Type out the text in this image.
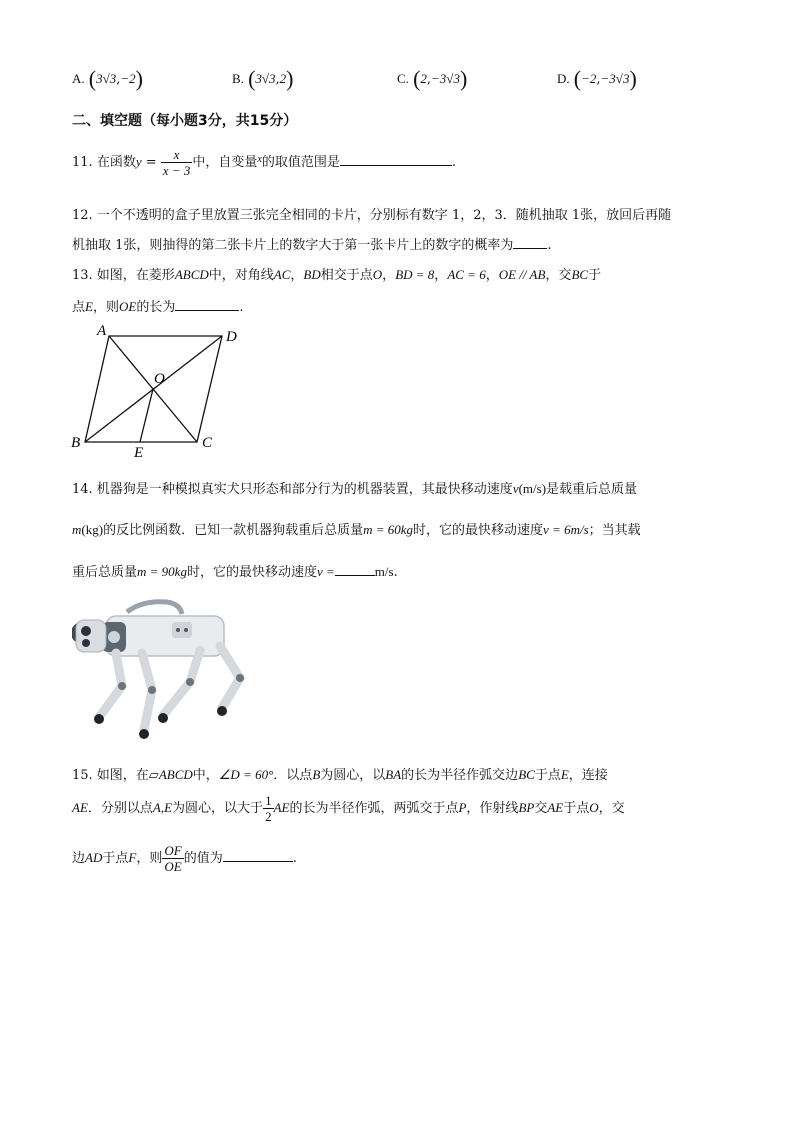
A. (3√3,−2)	B. (3√3,2)	C. (2,−3√3)	D. (−2,−3√3)
二、填空题（每小题3分，共15分）
11. 在函数$y = \frac{x}{x - 3}$ 中，自变量$^x$的取值范围是	.
12. 一个不透明的盒子里放置三张完全相同的卡片，分别标有数字 1，2，3．随机抽取 1张，放回后再随
机抽取 1张，则抽得的第二张卡片上的数字大于第一张卡片上的数字的概率为	.
13. 如图，在菱形ABCD中，对角线AC，BD相交于点O，BD = 8，AC = 6，OE // AB，交BC于
点E，则OE的长为	.
A	D
O
B	C
E
14. 机器狗是一种模拟真实犬只形态和部分行为的机器装置，其最快移动速度v(m/s)是载重后总质量
m(kg)的反比例函数．已知一款机器狗载重后总质量m = 60kg时，它的最快移动速度v = 6m/s；当其载
重后总质量m = 90kg时，它的最快移动速度v =	m/s.
15. 如图，在▱ABCD中，∠D = 60°．以点B为圆心，以BA的长为半径作弧交边BC于点E，连接
AE．分别以点A,E为圆心，以大于 $\frac{1}{2}$ AE的长为半径作弧，两弧交于点P，作射线BP交AE于点O，交
边AD于点F，则 $\frac{OF}{OE}$ 的值为	.
